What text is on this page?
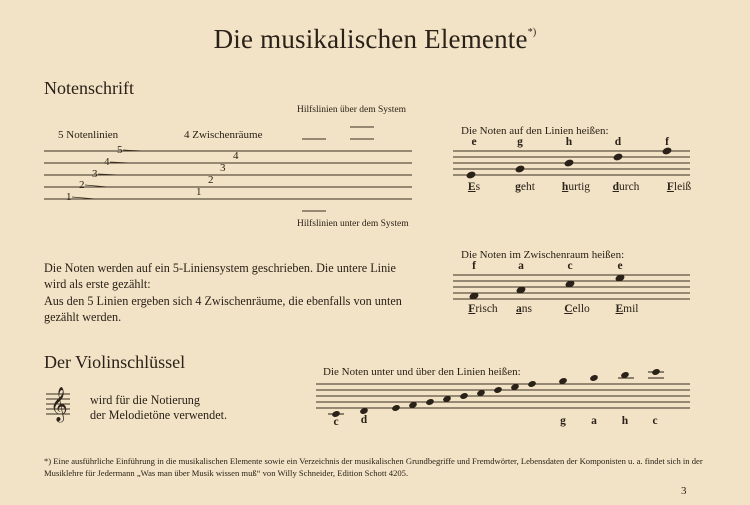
Die musikalischen Elemente*)
Notenschrift
5 Notenlinien	4 Zwischenräume
Hilfslinien über dem System
Hilfslinien unter dem System
1
2
3
4
5
1
2
3
4
Die Noten werden auf ein 5-Liniensystem geschrieben. Die untere Linie wird als erste gezählt:
Aus den 5 Linien ergeben sich 4 Zwischenräume, die ebenfalls von unten gezählt werden.
Die Noten auf den Linien heißen:
e	g	h	d	f
Es	geht	hurtig	durch	Fleiß
Die Noten im Zwischenraum heißen:
f	a	c	e
Frisch	ans	Cello	Emil
Der Violinschlüssel
wird für die Notierung
der Melodietöne verwendet.
𝄞
Die Noten unter und über den Linien heißen:
c	d	g	a	h	c
*) Eine ausführliche Einführung in die musikalischen Elemente sowie ein Verzeichnis der musikalischen Grundbegriffe und Fremdwörter, Lebensdaten der Komponisten u. a. findet sich in der Musiklehre für Jedermann „Was man über Musik wissen muß“ von Willy Schneider, Edition Schott 4205.
3
